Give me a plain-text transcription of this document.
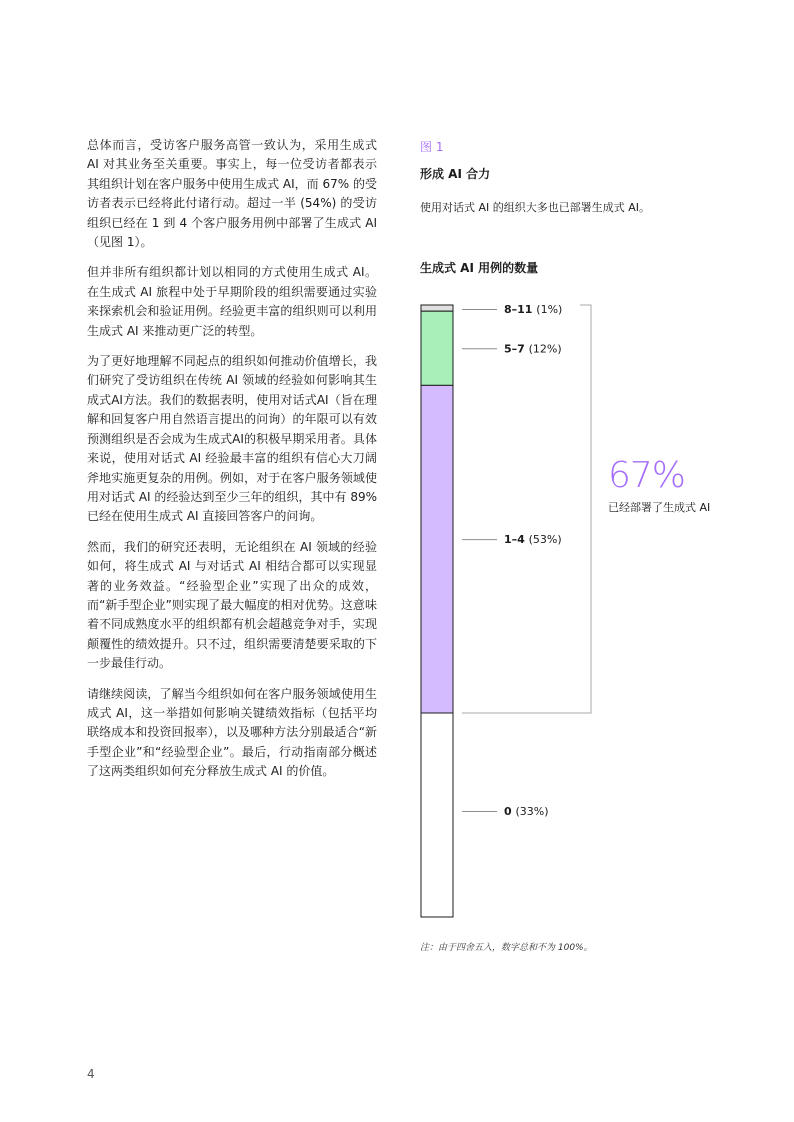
总体而言，受访客户服务高管一致认为，采用生成式 AI 对其业务至关重要。事实上，每一位受访者都表示其组织计划在客户服务中使用生成式 AI，而 67% 的受访者表示已经将此付诸行动。超过一半 (54%) 的受访组织已经在 1 到 4 个客户服务用例中部署了生成式 AI（见图 1）。

但并非所有组织都计划以相同的方式使用生成式 AI。在生成式 AI 旅程中处于早期阶段的组织需要通过实验来探索机会和验证用例。经验更丰富的组织则可以利用生成式 AI 来推动更广泛的转型。

为了更好地理解不同起点的组织如何推动价值增长，我们研究了受访组织在传统 AI 领域的经验如何影响其生成式AI方法。我们的数据表明，使用对话式AI（旨在理解和回复客户用自然语言提出的问询）的年限可以有效预测组织是否会成为生成式AI的积极早期采用者。具体来说，使用对话式 AI 经验最丰富的组织有信心大刀阔斧地实施更复杂的用例。例如，对于在客户服务领域使用对话式 AI 的经验达到至少三年的组织，其中有 89% 已经在使用生成式 AI 直接回答客户的问询。

然而，我们的研究还表明，无论组织在 AI 领域的经验如何，将生成式 AI 与对话式 AI 相结合都可以实现显著的业务效益。“经验型企业”实现了出众的成效，而“新手型企业”则实现了最大幅度的相对优势。这意味着不同成熟度水平的组织都有机会超越竞争对手，实现颠覆性的绩效提升。只不过，组织需要清楚要采取的下一步最佳行动。

请继续阅读，了解当今组织如何在客户服务领域使用生成式 AI，这一举措如何影响关键绩效指标（包括平均联络成本和投资回报率），以及哪种方法分别最适合“新手型企业”和“经验型企业”。最后，行动指南部分概述了这两类组织如何充分释放生成式 AI 的价值。

图 1
形成 AI 合力
使用对话式 AI 的组织大多也已部署生成式 AI。
生成式 AI 用例的数量
8–11 (1%)
5–7 (12%)
1–4 (53%)
0 (33%)
67%
已经部署了生成式 AI
注：由于四舍五入，数字总和不为 100%。
4
